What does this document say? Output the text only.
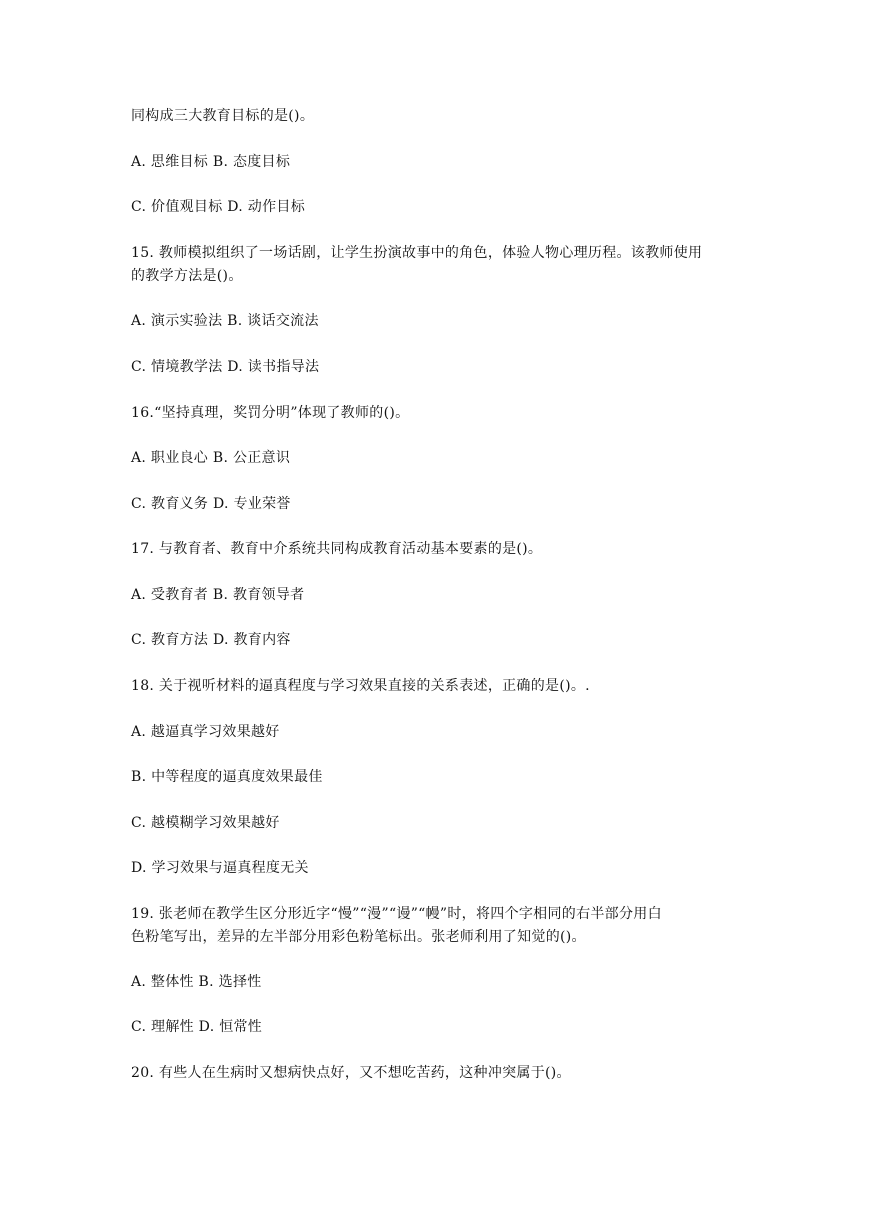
同构成三大教育目标的是()。
A. 思维目标 B. 态度目标
C. 价值观目标 D. 动作目标
15. 教师模拟组织了一场话剧，让学生扮演故事中的角色，体验人物心理历程。该教师使用
的教学方法是()。
A. 演示实验法 B. 谈话交流法
C. 情境教学法 D. 读书指导法
16.“坚持真理，奖罚分明”体现了教师的()。
A. 职业良心 B. 公正意识
C. 教育义务 D. 专业荣誉
17. 与教育者、教育中介系统共同构成教育活动基本要素的是()。
A. 受教育者 B. 教育领导者
C. 教育方法 D. 教育内容
18. 关于视听材料的逼真程度与学习效果直接的关系表述，正确的是()。.
A. 越逼真学习效果越好
B. 中等程度的逼真度效果最佳
C. 越模糊学习效果越好
D. 学习效果与逼真程度无关
19. 张老师在教学生区分形近字“慢”“漫”“谩”“幔”时，将四个字相同的右半部分用白
色粉笔写出，差异的左半部分用彩色粉笔标出。张老师利用了知觉的()。
A. 整体性 B. 选择性
C. 理解性 D. 恒常性
20. 有些人在生病时又想病快点好，又不想吃苦药，这种冲突属于()。
